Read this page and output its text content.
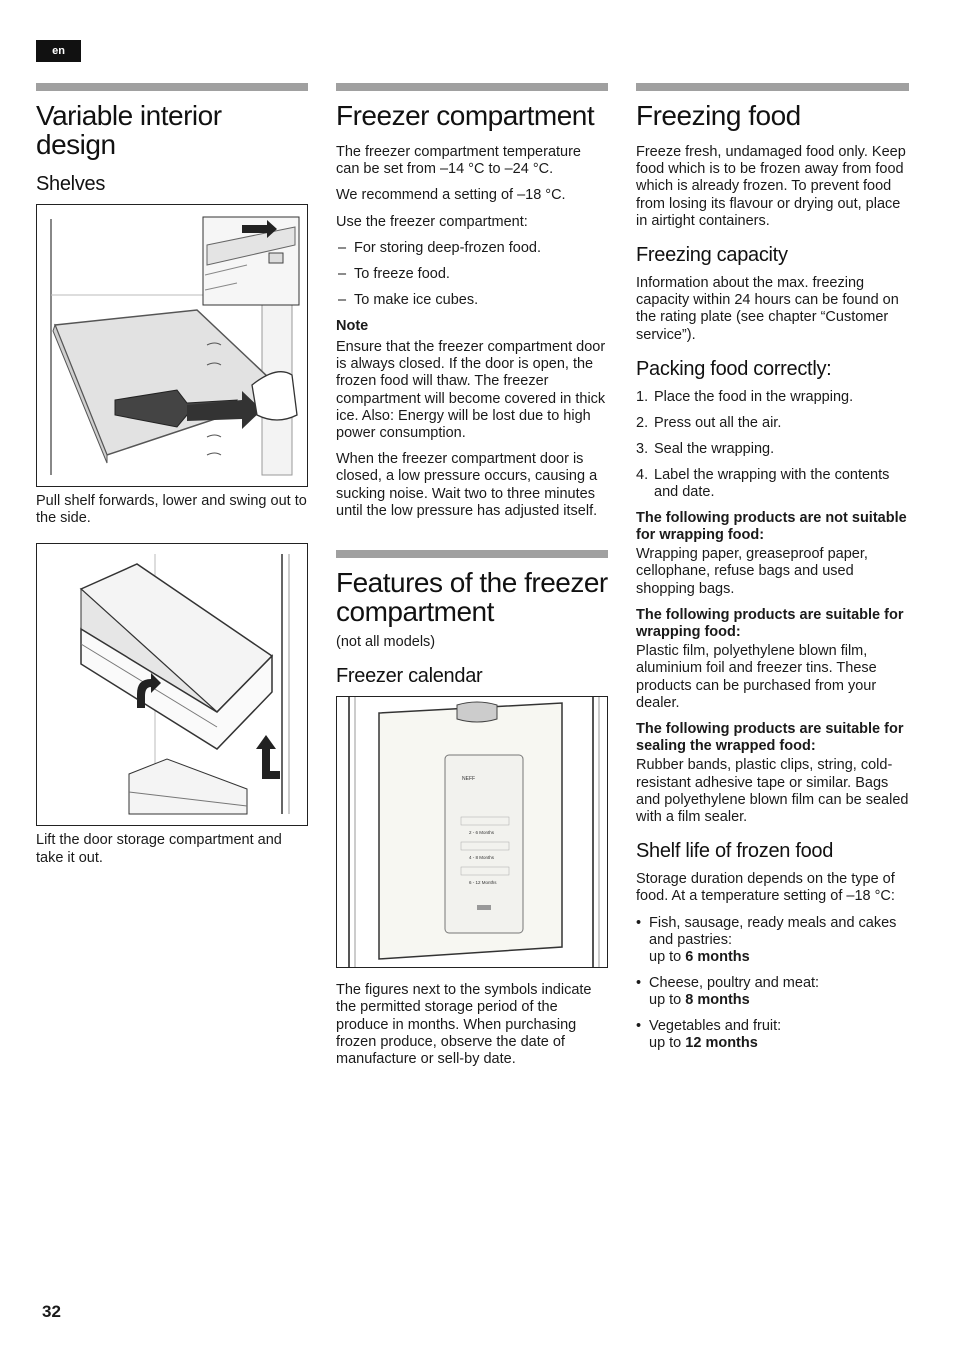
en
Variable interior design
Shelves

Pull shelf forwards, lower and swing out to the side.

Lift the door storage compartment and take it out.

Freezer compartment

The freezer compartment temperature can be set from –14 °C to –24 °C.

We recommend a setting of –18 °C.

Use the freezer compartment:

– For storing deep-frozen food.
– To freeze food.
– To make ice cubes.

Note

Ensure that the freezer compartment door is always closed. If the door is open, the frozen food will thaw. The freezer compartment will become covered in thick ice. Also: Energy will be lost due to high power consumption.

When the freezer compartment door is closed, a low pressure occurs, causing a sucking noise. Wait two to three minutes until the low pressure has adjusted itself.

Features of the freezer compartment

(not all models)

Freezer calendar
NEFF
2 - 6 Months
4 - 8 Months
6 - 12 Months

The figures next to the symbols indicate the permitted storage period of the produce in months. When purchasing frozen produce, observe the date of manufacture or sell-by date.

Freezing food

Freeze fresh, undamaged food only. Keep food which is to be frozen away from food which is already frozen. To prevent food from losing its flavour or drying out, place in airtight containers.

Freezing capacity

Information about the max. freezing capacity within 24 hours can be found on the rating plate (see chapter “Customer service”).

Packing food correctly:
1. Place the food in the wrapping.
2. Press out all the air.
3. Seal the wrapping.
4. Label the wrapping with the contents and date.

The following products are not suitable for wrapping food:

Wrapping paper, greaseproof paper, cellophane, refuse bags and used shopping bags.

The following products are suitable for wrapping food:

Plastic film, polyethylene blown film, aluminium foil and freezer tins. These products can be purchased from your dealer.

The following products are suitable for sealing the wrapped food:

Rubber bands, plastic clips, string, cold-resistant adhesive tape or similar. Bags and polyethylene blown film can be sealed with a film sealer.

Shelf life of frozen food

Storage duration depends on the type of food. At a temperature setting of –18 °C:

• Fish, sausage, ready meals and cakes and pastries:
up to 6 months
• Cheese, poultry and meat:
up to 8 months
• Vegetables and fruit:
up to 12 months
32
